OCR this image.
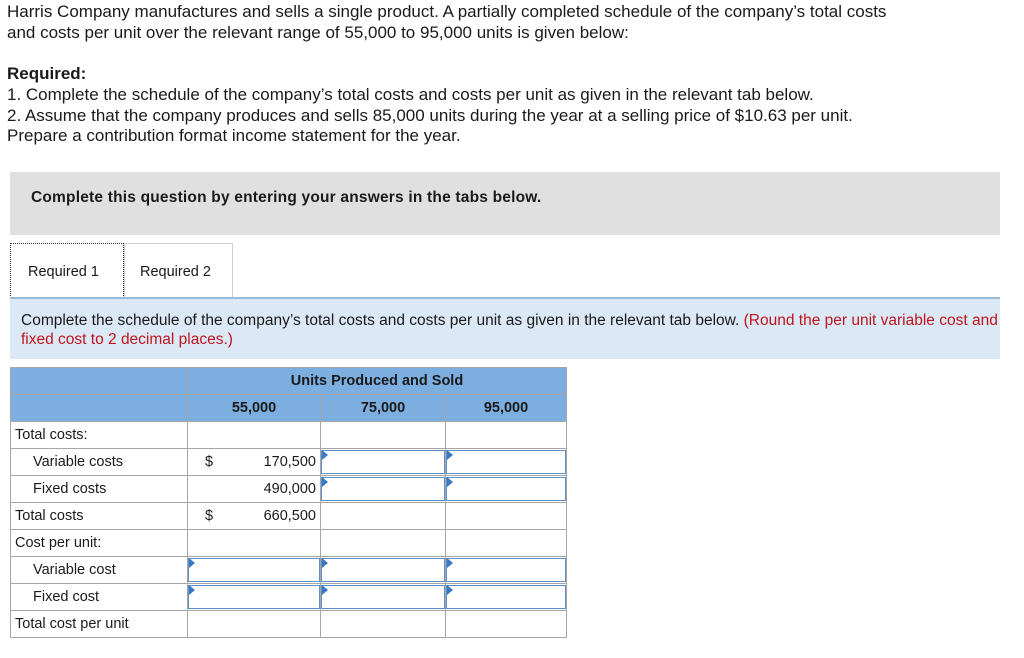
Harris Company manufactures and sells a single product. A partially completed schedule of the company’s total costs

and costs per unit over the relevant range of 55,000 to 95,000 units is given below:

Required:

1. Complete the schedule of the company’s total costs and costs per unit as given in the relevant tab below.

2. Assume that the company produces and sells 85,000 units during the year at a selling price of $10.63 per unit.

Prepare a contribution format income statement for the year.

Complete this question by entering your answers in the tabs below.
Required 1	Required 2
Complete the schedule of the company’s total costs and costs per unit as given in the relevant tab below. (Round the per unit variable cost and fixed cost to 2 decimal places.)
	Units Produced and Sold		
	55,000	75,000	95,000
Total costs:			
Variable costs	$ 170,500

Fixed costs	490,000

Total costs	$ 660,500		

Cost per unit:			
Variable cost	

Fixed cost	

Total cost per unit			
